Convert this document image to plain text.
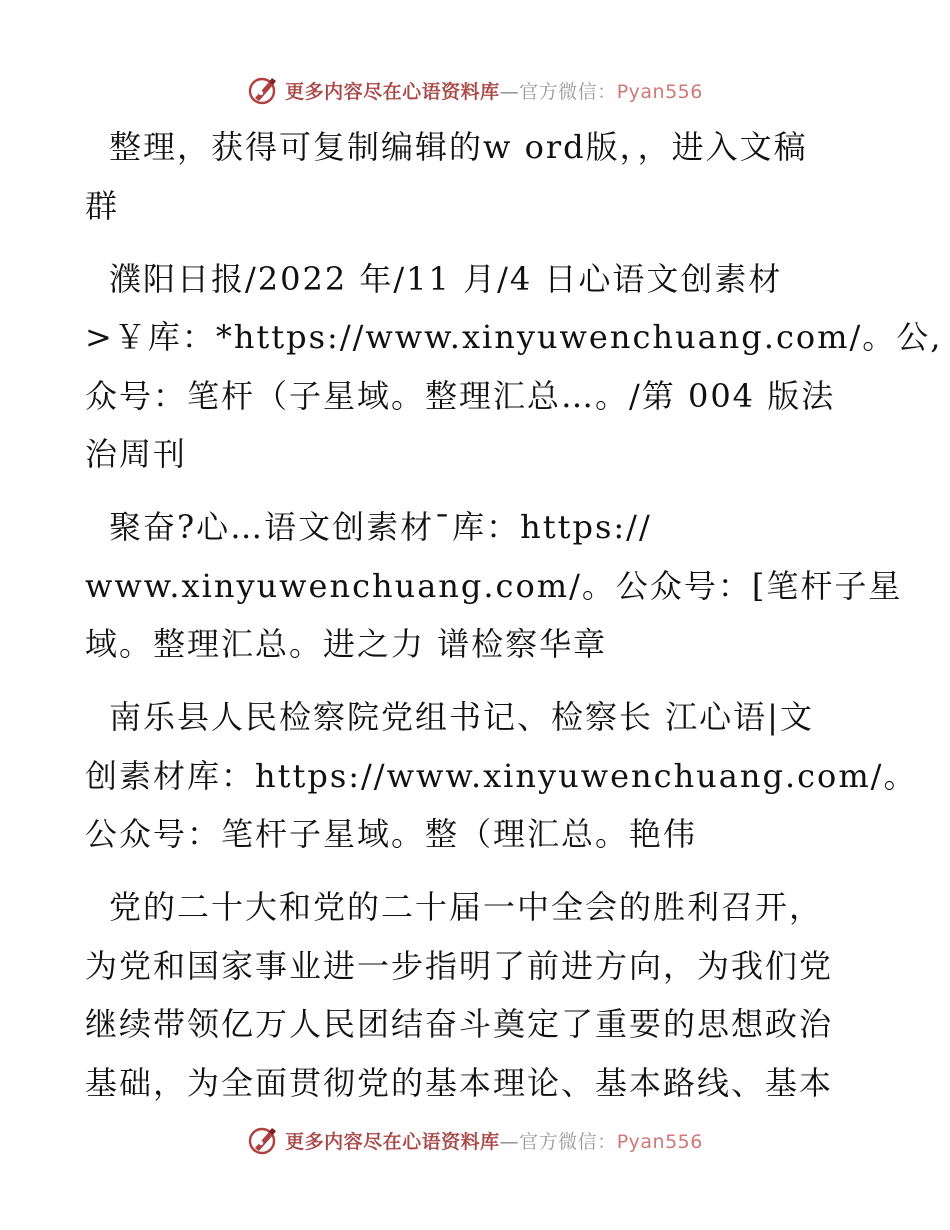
更多内容尽在心语资料库—官方微信：Pyan556

整理，获得可复制编辑的w ord版，，进入文稿
群

濮阳日报/2022 年/11 月/4 日心语文创素材
>￥库：*https://www.xinyuwenchuang.com/。公,
众号：笔杆（子星域。整理汇总…。/第 004 版法
治周刊

聚奋?心…语文创素材¯库：https://
www.xinyuwenchuang.com/。公众号：[笔杆子星
域。整理汇总。进之力 谱检察华章

南乐县人民检察院党组书记、检察长 江心语|文
创素材库：https://www.xinyuwenchuang.com/。
公众号：笔杆子星域。整（理汇总。艳伟

党的二十大和党的二十届一中全会的胜利召开，
为党和国家事业进一步指明了前进方向，为我们党
继续带领亿万人民团结奋斗奠定了重要的思想政治
基础，为全面贯彻党的基本理论、基本路线、基本

更多内容尽在心语资料库—官方微信：Pyan556
